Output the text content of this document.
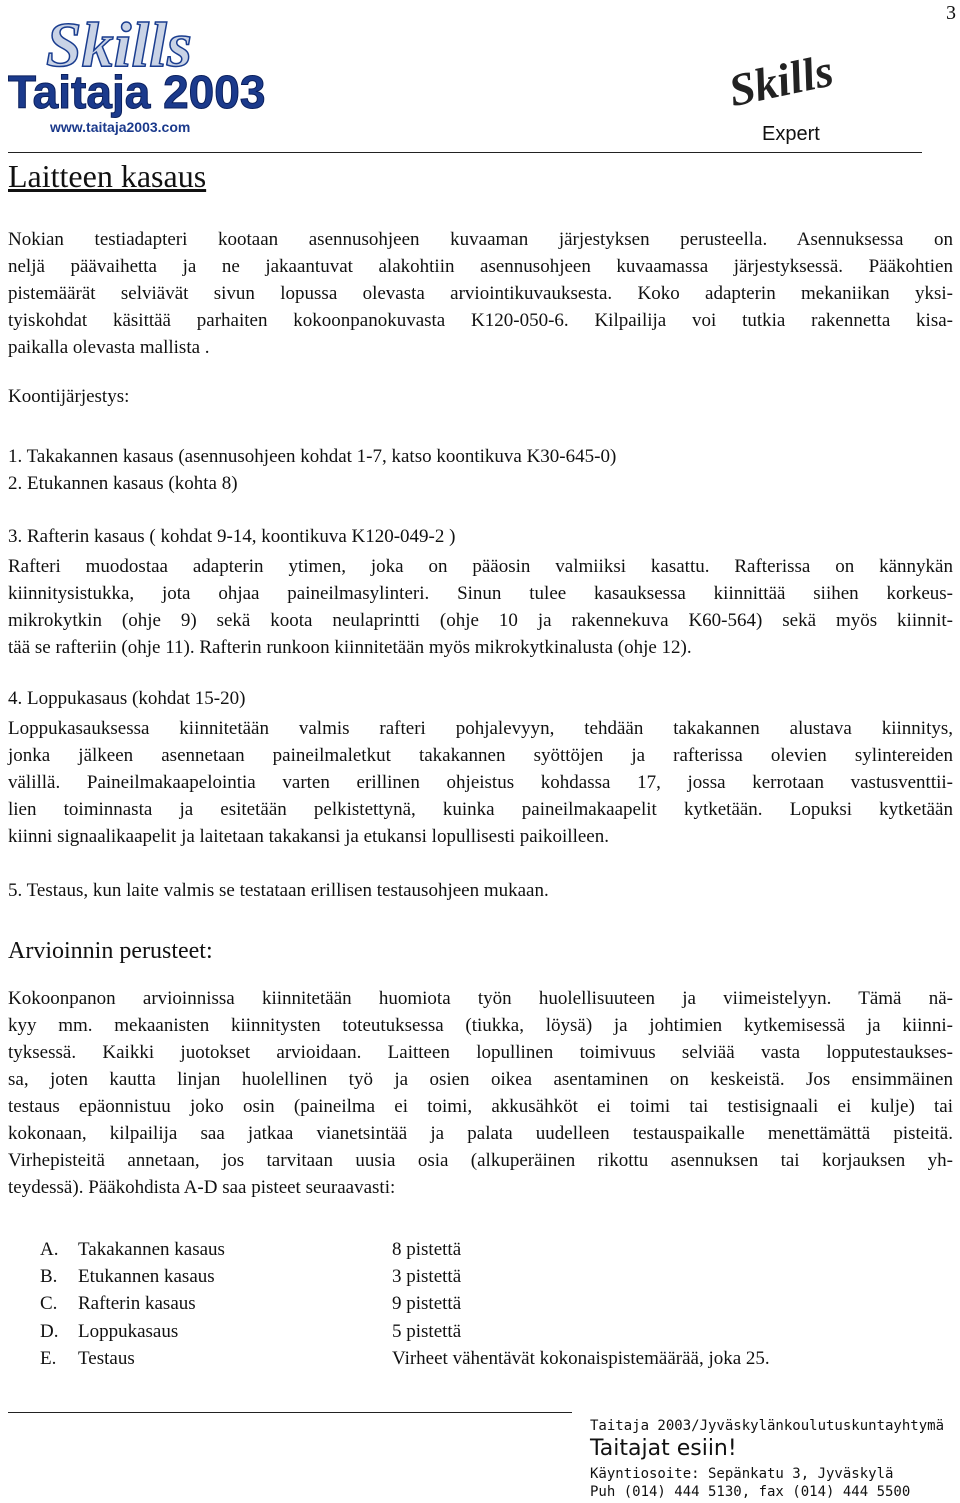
3
Skills
Taitaja 2003
www.taitaja2003.com
Skills
Expert
Laitteen kasaus
Nokian testiadapteri kootaan asennusohjeen kuvaaman järjestyksen perusteella. Asennuksessa on
neljä päävaihetta ja ne jakaantuvat alakohtiin asennusohjeen kuvaamassa järjestyksessä. Pääkohtien
pistemäärät selviävät sivun lopussa olevasta arviointikuvauksesta. Koko adapterin mekaniikan yksi-
tyiskohdat käsittää parhaiten kokoonpanokuvasta K120-050-6. Kilpailija voi tutkia rakennetta kisa-
paikalla olevasta mallista .
Koontijärjestys:
1. Takakannen kasaus (asennusohjeen kohdat 1-7, katso koontikuva K30-645-0)
2. Etukannen kasaus (kohta 8)
3. Rafterin kasaus ( kohdat 9-14, koontikuva K120-049-2 )
Rafteri muodostaa adapterin ytimen, joka on pääosin valmiiksi kasattu. Rafterissa on kännykän
kiinnitysistukka, jota ohjaa paineilmasylinteri. Sinun tulee kasauksessa kiinnittää siihen korkeus-
mikrokytkin (ohje 9) sekä koota neulaprintti (ohje 10 ja rakennekuva K60-564) sekä myös kiinnit-
tää se rafteriin (ohje 11). Rafterin runkoon kiinnitetään myös mikrokytkinalusta (ohje 12).
4. Loppukasaus (kohdat 15-20)
Loppukasauksessa kiinnitetään valmis rafteri pohjalevyyn, tehdään takakannen alustava kiinnitys,
jonka jälkeen asennetaan paineilmaletkut takakannen syöttöjen ja rafterissa olevien sylintereiden
välillä. Paineilmakaapelointia varten erillinen ohjeistus kohdassa 17, jossa kerrotaan vastusventtii-
lien toiminnasta ja esitetään pelkistettynä, kuinka paineilmakaapelit kytketään. Lopuksi kytketään
kiinni signaalikaapelit ja laitetaan takakansi ja etukansi lopullisesti paikoilleen.
5. Testaus, kun laite valmis se testataan erillisen testausohjeen mukaan.
Arvioinnin perusteet:
Kokoonpanon arvioinnissa kiinnitetään huomiota työn huolellisuuteen ja viimeistelyyn. Tämä nä-
kyy mm. mekaanisten kiinnitysten toteutuksessa (tiukka, löysä) ja johtimien kytkemisessä ja kiinni-
tyksessä. Kaikki juotokset arvioidaan. Laitteen lopullinen toimivuus selviää vasta lopputestaukses-
sa, joten kautta linjan huolellinen työ ja osien oikea asentaminen on keskeistä. Jos ensimmäinen
testaus epäonnistuu joko osin (paineilma ei toimi, akkusähköt ei toimi tai testisignaali ei kulje) tai
kokonaan, kilpailija saa jatkaa vianetsintää ja palata uudelleen testauspaikalle menettämättä pisteitä.
Virhepisteitä annetaan, jos tarvitaan uusia osia (alkuperäinen rikottu asennuksen tai korjauksen yh-
teydessä). Pääkohdista A-D saa pisteet seuraavasti:
A. Takakannen kasaus	8 pistettä
B. Etukannen kasaus	3 pistettä
C. Rafterin kasaus	9 pistettä
D. Loppukasaus	5 pistettä
E. Testaus	Virheet vähentävät kokonaispistemäärää, joka 25.
Taitaja 2003/Jyväskylänkoulutuskuntayhtymä
Taitajat esiin!
Käyntiosoite: Sepänkatu 3, Jyväskylä
Puh (014) 444 5130, fax (014) 444 5500
